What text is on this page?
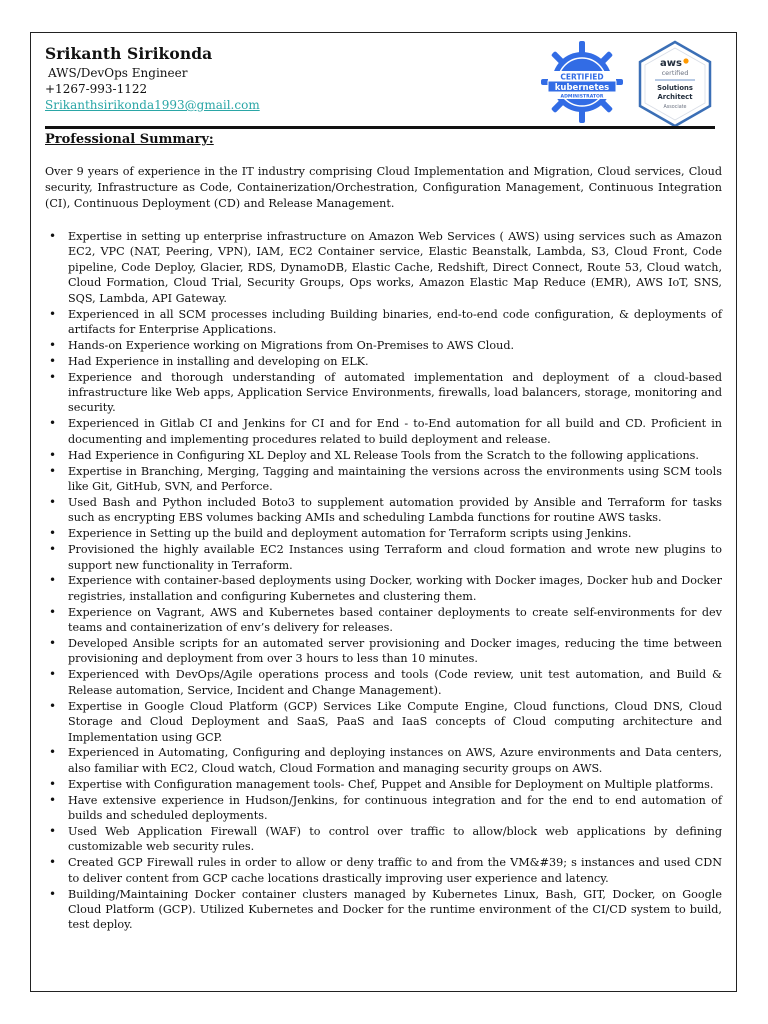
Srikanth Sirikonda
AWS/DevOps Engineer
+1267-993-1122
Srikanthsirikonda1993@gmail.com
CERTIFIED
kubernetes
ADMINISTRATOR
aws
certified
Solutions
Architect
Associate
Professional Summary:
Over 9 years of experience in the IT industry comprising Cloud Implementation and Migration, Cloud services, Cloud security, Infrastructure as Code, Containerization/Orchestration, Configuration Management, Continuous Integration (CI), Continuous Deployment (CD) and Release Management.
• Expertise in setting up enterprise infrastructure on Amazon Web Services ( AWS) using services such as Amazon EC2, VPC (NAT, Peering, VPN), IAM, EC2 Container service, Elastic Beanstalk, Lambda, S3, Cloud Front, Code pipeline, Code Deploy, Glacier, RDS, DynamoDB, Elastic Cache, Redshift, Direct Connect, Route 53, Cloud watch, Cloud Formation, Cloud Trial, Security Groups, Ops works, Amazon Elastic Map Reduce (EMR), AWS IoT, SNS, SQS, Lambda, API Gateway.
• Experienced in all SCM processes including Building binaries, end-to-end code configuration, & deployments of artifacts for Enterprise Applications.
• Hands-on Experience working on Migrations from On-Premises to AWS Cloud.
• Had Experience in installing and developing on ELK.
• Experience and thorough understanding of automated implementation and deployment of a cloud-based infrastructure like Web apps, Application Service Environments, firewalls, load balancers, storage, monitoring and security.
• Experienced in Gitlab CI and Jenkins for CI and for End - to-End automation for all build and CD. Proficient in documenting and implementing procedures related to build deployment and release.
• Had Experience in Configuring XL Deploy and XL Release Tools from the Scratch to the following applications.
• Expertise in Branching, Merging, Tagging and maintaining the versions across the environments using SCM tools like Git, GitHub, SVN, and Perforce.
• Used Bash and Python included Boto3 to supplement automation provided by Ansible and Terraform for tasks such as encrypting EBS volumes backing AMIs and scheduling Lambda functions for routine AWS tasks.
• Experience in Setting up the build and deployment automation for Terraform scripts using Jenkins.
• Provisioned the highly available EC2 Instances using Terraform and cloud formation and wrote new plugins to support new functionality in Terraform.
• Experience with container-based deployments using Docker, working with Docker images, Docker hub and Docker registries, installation and configuring Kubernetes and clustering them.
• Experience on Vagrant, AWS and Kubernetes based container deployments to create self-environments for dev teams and containerization of env’s delivery for releases.
• Developed Ansible scripts for an automated server provisioning and Docker images, reducing the time between provisioning and deployment from over 3 hours to less than 10 minutes.
• Experienced with DevOps/Agile operations process and tools (Code review, unit test automation, and Build & Release automation, Service, Incident and Change Management).
• Expertise in Google Cloud Platform (GCP) Services Like Compute Engine, Cloud functions, Cloud DNS, Cloud Storage and Cloud Deployment and SaaS, PaaS and IaaS concepts of Cloud computing architecture and Implementation using GCP.
• Experienced in Automating, Configuring and deploying instances on AWS, Azure environments and Data centers, also familiar with EC2, Cloud watch, Cloud Formation and managing security groups on AWS.
• Expertise with Configuration management tools- Chef, Puppet and Ansible for Deployment on Multiple platforms.
• Have extensive experience in Hudson/Jenkins, for continuous integration and for the end to end automation of builds and scheduled deployments.
• Used Web Application Firewall (WAF) to control over traffic to allow/block web applications by defining customizable web security rules.
• Created GCP Firewall rules in order to allow or deny traffic to and from the VM&#39; s instances and used CDN to deliver content from GCP cache locations drastically improving user experience and latency.
• Building/Maintaining Docker container clusters managed by Kubernetes Linux, Bash, GIT, Docker, on Google Cloud Platform (GCP). Utilized Kubernetes and Docker for the runtime environment of the CI/CD system to build, test deploy.
